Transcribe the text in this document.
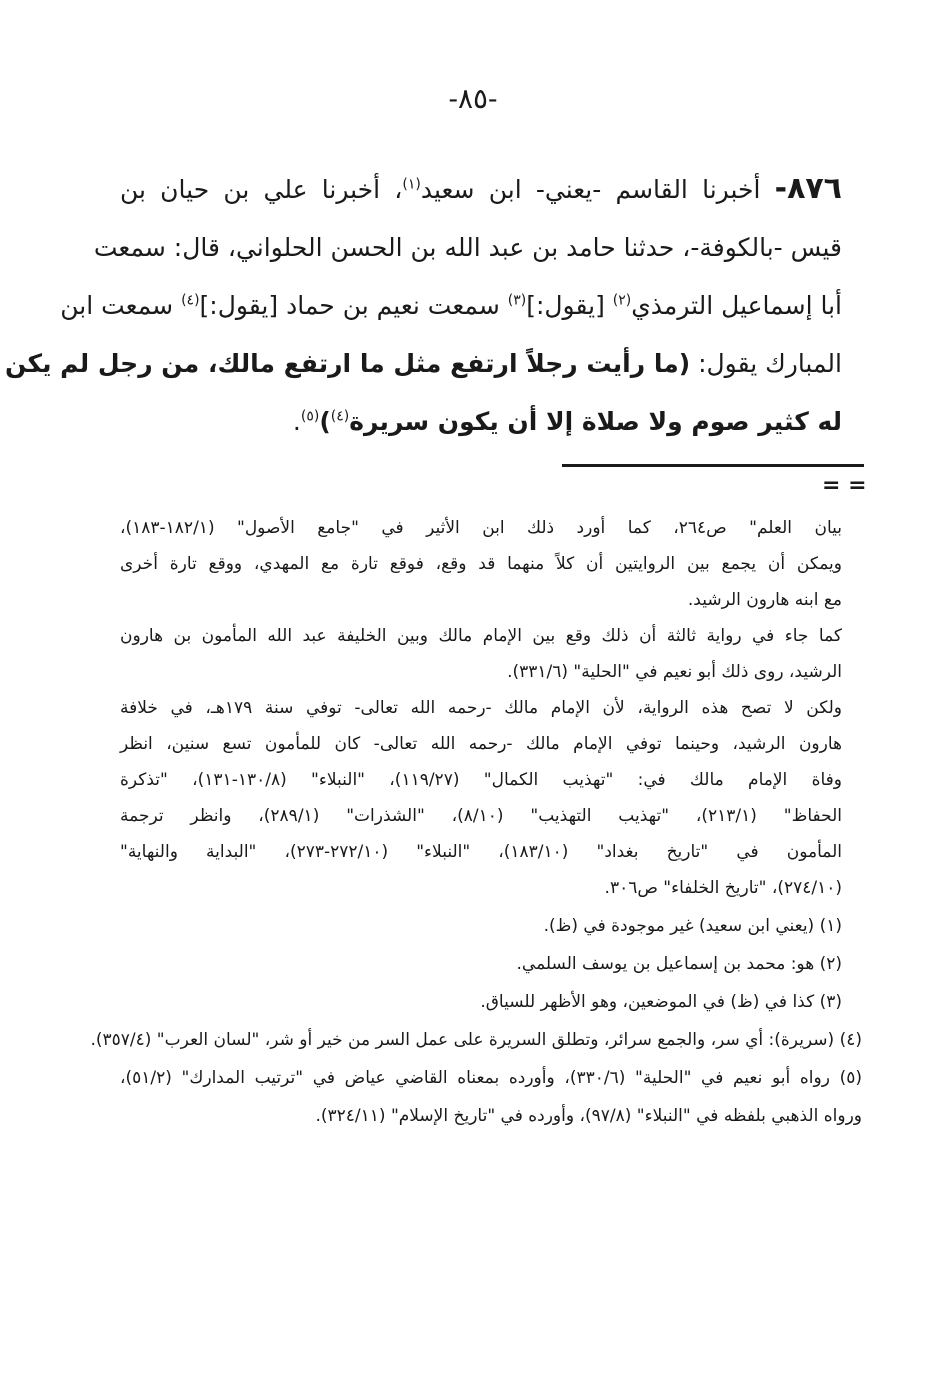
-٨٥-
٨٧٦- أخبرنا القاسم -يعني- ابن سعيد$^{(١)}$، أخبرنا علي بن حيان بن
قيس -بالكوفة-، حدثنا حامد بن عبد الله بن الحسن الحلواني، قال: سمعت
أبا إسماعيل الترمذي$^{(٢)}$ [يقول:]$^{(٣)}$ سمعت نعيم بن حماد [يقول:]$^{(٤)}$ سمعت ابن
المبارك يقول: (ما رأيت رجلاً ارتفع مثل ما ارتفع مالك، من رجل لم يكن
له كثير صوم ولا صلاة إلا أن يكون سريرة$^{(٤)}$)$^{(٥)}$.
= =
بيان العلم" ص٢٦٤، كما أورد ذلك ابن الأثير في "جامع الأصول" (١٨٢/١-١٨٣)،
ويمكن أن يجمع بين الروايتين أن كلاً منهما قد وقع، فوقع تارة مع المهدي، ووقع تارة أخرى
مع ابنه هارون الرشيد.
كما جاء في رواية ثالثة أن ذلك وقع بين الإمام مالك وبين الخليفة عبد الله المأمون بن هارون
الرشيد، روى ذلك أبو نعيم في "الحلية" (٣٣١/٦).
ولكن لا تصح هذه الرواية، لأن الإمام مالك -رحمه الله تعالى- توفي سنة ١٧٩هـ، في خلافة
هارون الرشيد، وحينما توفي الإمام مالك -رحمه الله تعالى- كان للمأمون تسع سنين، انظر
وفاة الإمام مالك في: "تهذيب الكمال" (١١٩/٢٧)، "النبلاء" (١٣٠/٨-١٣١)، "تذكرة
الحفاظ" (٢١٣/١)، "تهذيب التهذيب" (٨/١٠)، "الشذرات" (٢٨٩/١)، وانظر ترجمة
المأمون في "تاريخ بغداد" (١٨٣/١٠)، "النبلاء" (٢٧٢/١٠-٢٧٣)، "البداية والنهاية"
(٢٧٤/١٠)، "تاريخ الخلفاء" ص٣٠٦.
(١) (يعني ابن سعيد) غير موجودة في (ظ).
(٢) هو: محمد بن إسماعيل بن يوسف السلمي.
(٣) كذا في (ظ) في الموضعين، وهو الأظهر للسياق.
(٤) (سريرة): أي سر، والجمع سرائر، وتطلق السريرة على عمل السر من خير أو شر، "لسان العرب" (٣٥٧/٤).
(٥) رواه أبو نعيم في "الحلية" (٣٣٠/٦)، وأورده بمعناه القاضي عياض في "ترتيب المدارك" (٥١/٢)،
ورواه الذهبي بلفظه في "النبلاء" (٩٧/٨)، وأورده في "تاريخ الإسلام" (٣٢٤/١١).
